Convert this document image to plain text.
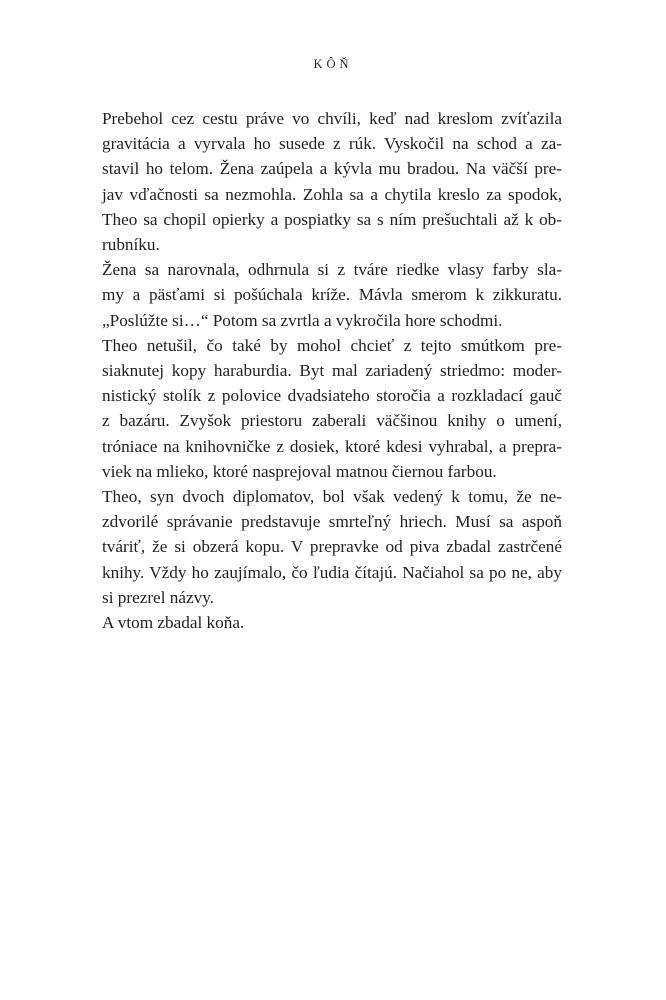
KÔŇ
Prebehol cez cestu práve vo chvíli, keď nad kreslom zvíťazila
gravitácia a vyrvala ho susede z rúk. Vyskočil na schod a za-
stavil ho telom. Žena zaúpela a kývla mu bradou. Na väčší pre-
jav vďačnosti sa nezmohla. Zohla sa a chytila kreslo za spodok,
Theo sa chopil opierky a pospiatky sa s ním prešuchtali až k ob-
rubníku.
Žena sa narovnala, odhrnula si z tváre riedke vlasy farby sla-
my a päsťami si pošúchala kríže. Mávla smerom k zikkuratu.
„Poslúžte si…“ Potom sa zvrtla a vykročila hore schodmi.
Theo netušil, čo také by mohol chcieť z tejto smútkom pre-
siaknutej kopy haraburdia. Byt mal zariadený striedmo: moder-
nistický stolík z polovice dvadsiateho storočia a rozkladací gauč
z bazáru. Zvyšok priestoru zaberali väčšinou knihy o umení,
tróniace na knihovničke z dosiek, ktoré kdesi vyhrabal, a prepra-
viek na mlieko, ktoré nasprejoval matnou čiernou farbou.
Theo, syn dvoch diplomatov, bol však vedený k tomu, že ne-
zdvorilé správanie predstavuje smrteľný hriech. Musí sa aspoň
tváriť, že si obzerá kopu. V prepravke od piva zbadal zastrčené
knihy. Vždy ho zaujímalo, čo ľudia čítajú. Načiahol sa po ne, aby
si prezrel názvy.
A vtom zbadal koňa.
